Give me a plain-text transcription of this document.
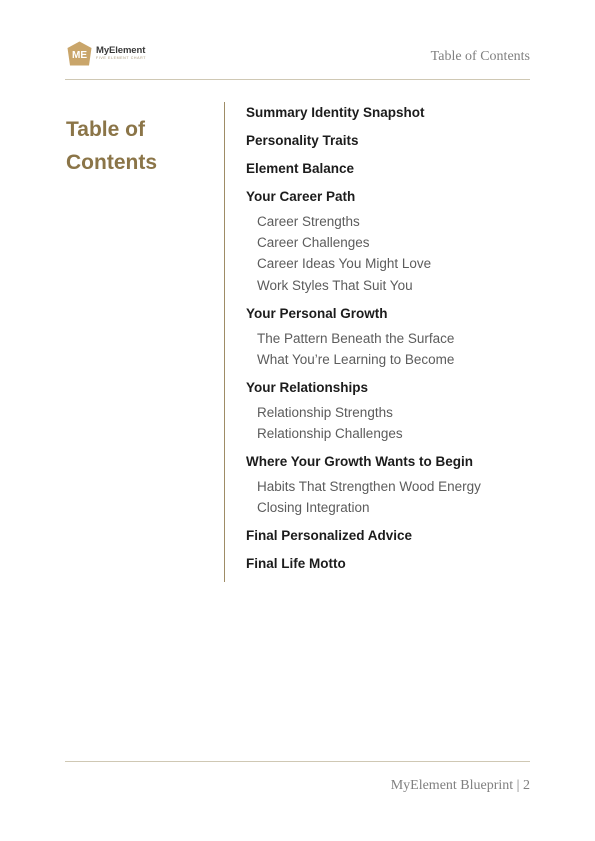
ME MyElement
FIVE ELEMENT CHART	Table of Contents
Table of Contents
Summary Identity Snapshot
Personality Traits
Element Balance
Your Career Path
Career Strengths
Career Challenges
Career Ideas You Might Love
Work Styles That Suit You
Your Personal Growth
The Pattern Beneath the Surface
What You’re Learning to Become
Your Relationships
Relationship Strengths
Relationship Challenges
Where Your Growth Wants to Begin
Habits That Strengthen Wood Energy
Closing Integration
Final Personalized Advice
Final Life Motto
MyElement Blueprint | 2
